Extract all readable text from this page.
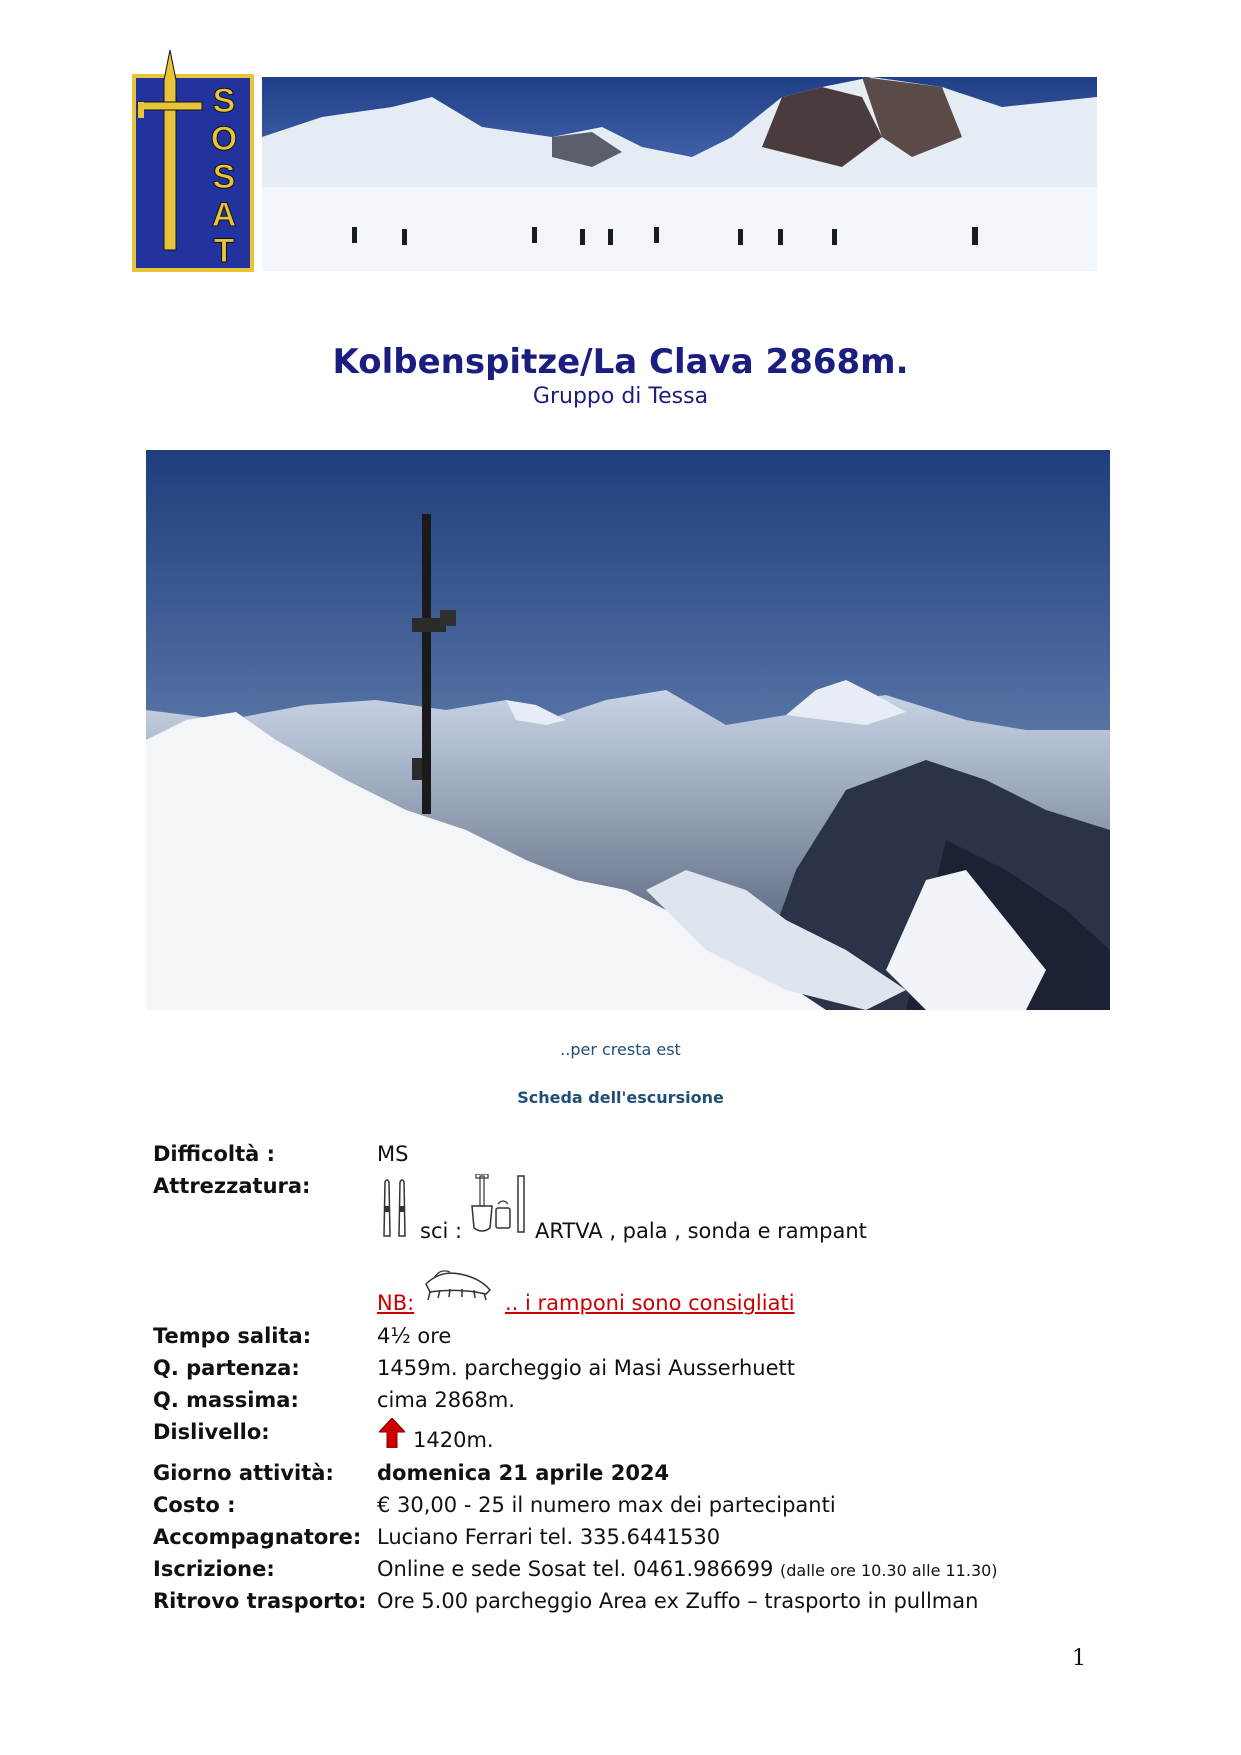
S
O
S
A
T
Kolbenspitze/La Clava 2868m.
Gruppo di Tessa
..per cresta est
Scheda dell'escursione
Difficoltà :	MS
Attrezzatura:
sci :	ARTVA , pala , sonda e rampant
NB:	.. i ramponi sono consigliati
Tempo salita:	4½ ore
Q. partenza:	1459m. parcheggio ai Masi Ausserhuett
Q. massima:	cima 2868m.
Dislivello:	1420m.
Giorno attività: domenica 21 aprile 2024
Costo :	€ 30,00 - 25 il numero max dei partecipanti
Accompagnatore: Luciano Ferrari tel. 335.6441530
Iscrizione:	Online e sede Sosat tel. 0461.986699 (dalle ore 10.30 alle 11.30)
Ritrovo trasporto: Ore 5.00 parcheggio Area ex Zuffo – trasporto in pullman
1
